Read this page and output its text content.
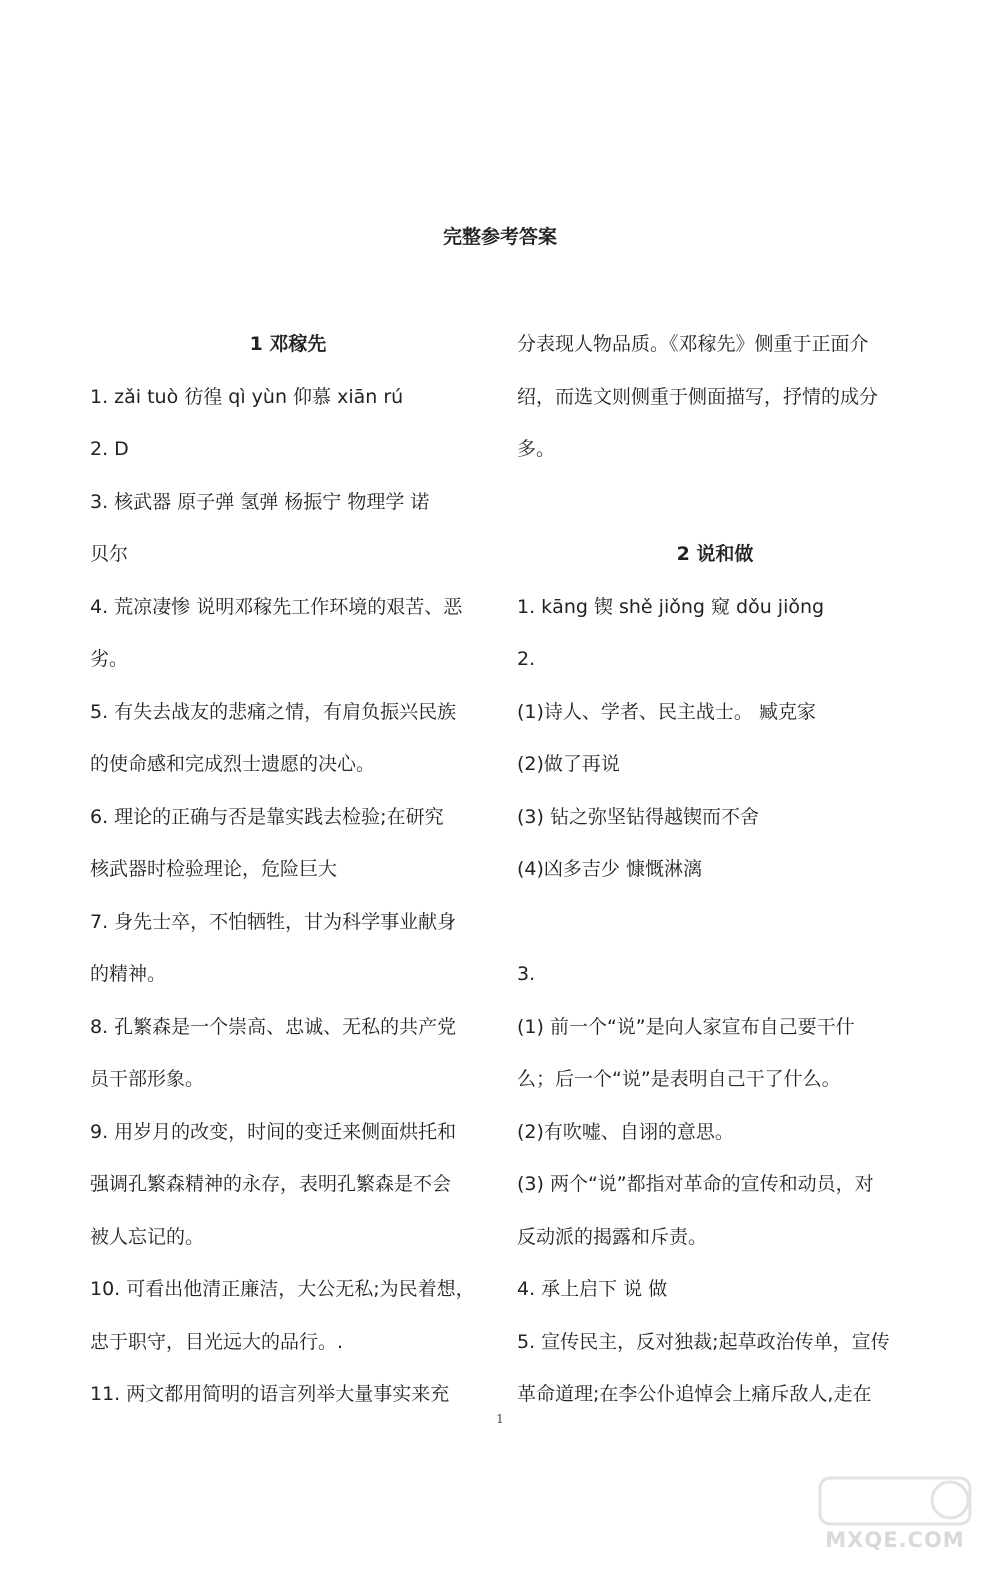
完整参考答案
1 邓稼先
1. zǎi tuò 彷徨 qì yùn 仰慕 xiān rú
2. D
3. 核武器 原子弹 氢弹 杨振宁 物理学 诺
贝尔
4. 荒凉凄惨 说明邓稼先工作环境的艰苦、恶
劣。
5. 有失去战友的悲痛之情，有肩负振兴民族
的使命感和完成烈士遗愿的决心。
6. 理论的正确与否是靠实践去检验;在研究
核武器时检验理论，危险巨大
7. 身先士卒，不怕牺牲，甘为科学事业献身
的精神。
8. 孔繁森是一个崇高、忠诚、无私的共产党
员干部形象。
9. 用岁月的改变，时间的变迁来侧面烘托和
强调孔繁森精神的永存，表明孔繁森是不会
被人忘记的。
10. 可看出他清正廉洁，大公无私;为民着想，
忠于职守，目光远大的品行。.
11. 两文都用简明的语言列举大量事实来充
分表现人物品质。《邓稼先》侧重于正面介
绍，而选文则侧重于侧面描写，抒情的成分
多。
2 说和做
1. kāng 锲 shě jiǒng 窥 dǒu jiǒng
2.
(1)诗人、学者、民主战士。 臧克家
(2)做了再说
(3) 钻之弥坚钻得越锲而不舍
(4)凶多吉少 慷慨淋漓
3.
(1) 前一个“说”是向人家宣布自己要干什
么；后一个“说”是表明自己干了什么。
(2)有吹嘘、自诩的意思。
(3) 两个“说”都指对革命的宣传和动员，对
反动派的揭露和斥责。
4. 承上启下 说 做
5. 宣传民主，反对独裁;起草政治传单，宣传
革命道理;在李公仆追悼会上痛斥敌人,走在
1
MXQE.COM
